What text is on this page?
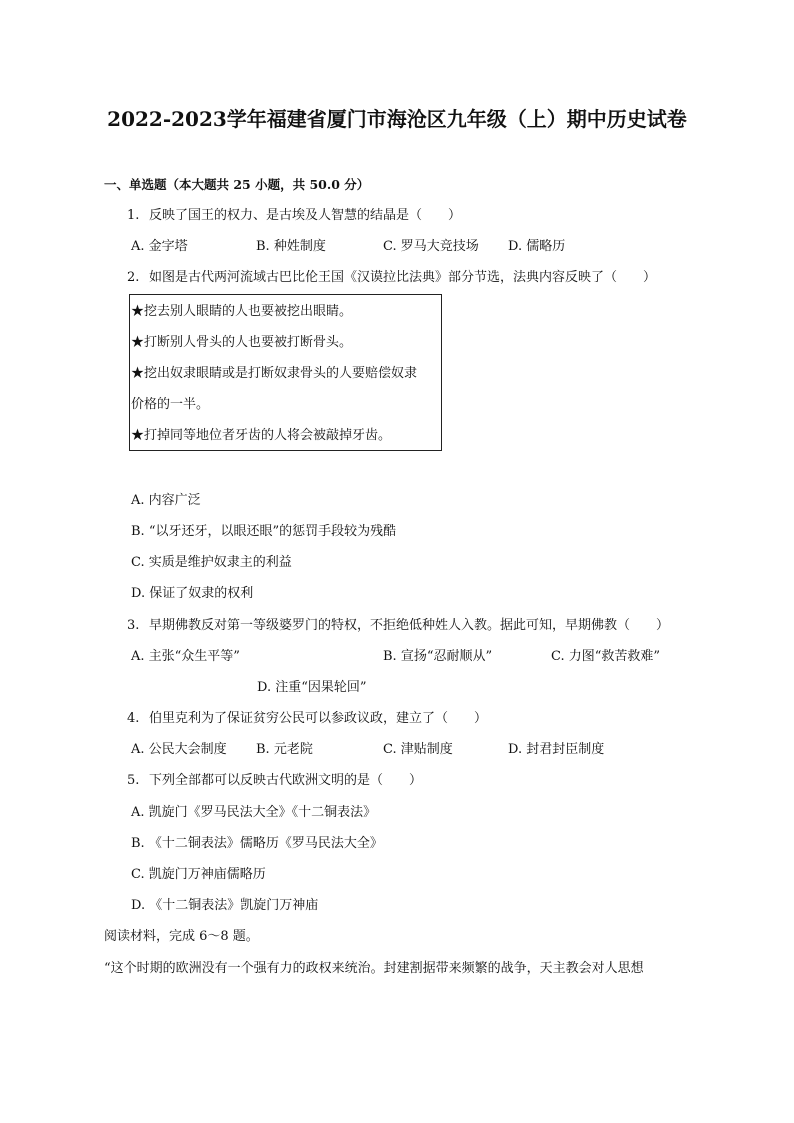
2022-2023学年福建省厦门市海沧区九年级（上）期中历史试卷
一、单选题（本大题共 25 小题，共 50.0 分）
1. 反映了国王的权力、是古埃及人智慧的结晶是（　　）
A. 金字塔	B. 种姓制度	C. 罗马大竞技场 D. 儒略历
2. 如图是古代两河流域古巴比伦王国《汉谟拉比法典》部分节选，法典内容反映了（　　）
★挖去别人眼睛的人也要被挖出眼睛。
★打断别人骨头的人也要被打断骨头。
★挖出奴隶眼睛或是打断奴隶骨头的人要赔偿奴隶
价格的一半。
★打掉同等地位者牙齿的人将会被敲掉牙齿。
A. 内容广泛
B. “以牙还牙，以眼还眼”的惩罚手段较为残酷
C. 实质是维护奴隶主的利益
D. 保证了奴隶的权利
3. 早期佛教反对第一等级婆罗门的特权，不拒绝低种姓人入教。据此可知，早期佛教（　　）
A. 主张“众生平等”	B. 宣扬“忍耐顺从”	C. 力图“救苦救难”
D. 注重“因果轮回”
4. 伯里克利为了保证贫穷公民可以参政议政，建立了（　　）
A. 公民大会制度 B. 元老院	C. 津贴制度	D. 封君封臣制度
5. 下列全部都可以反映古代欧洲文明的是（　　）
A. 凯旋门《罗马民法大全》《十二铜表法》
B. 《十二铜表法》儒略历《罗马民法大全》
C. 凯旋门万神庙儒略历
D. 《十二铜表法》凯旋门万神庙
阅读材料，完成 6～8 题。
“这个时期的欧洲没有一个强有力的政权来统治。封建割据带来频繁的战争，天主教会对人思想
